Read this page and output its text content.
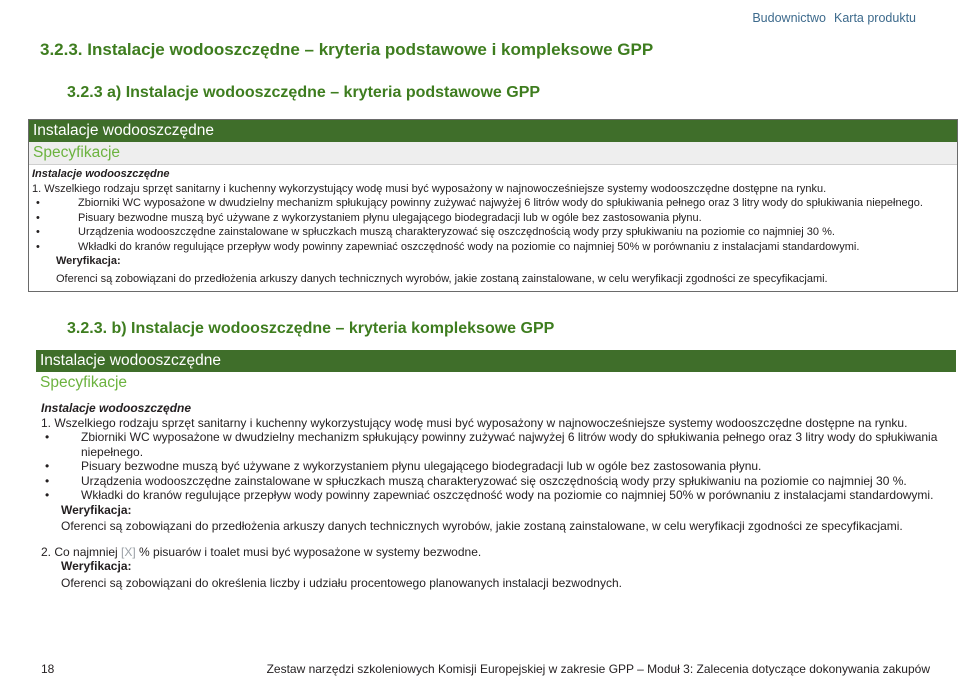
Budownictwo Karta produktu
3.2.3. Instalacje wodooszczędne – kryteria podstawowe i kompleksowe GPP
3.2.3 a) Instalacje wodooszczędne – kryteria podstawowe GPP
Instalacje wodooszczędne
Specyfikacje
Instalacje wodooszczędne
1. Wszelkiego rodzaju sprzęt sanitarny i kuchenny wykorzystujący wodę musi być wyposażony w najnowocześniejsze systemy wodooszczędne dostępne na rynku.
• Zbiorniki WC wyposażone w dwudzielny mechanizm spłukujący powinny zużywać najwyżej 6 litrów wody do spłukiwania pełnego oraz 3 litry wody do spłukiwania niepełnego.
• Pisuary bezwodne muszą być używane z wykorzystaniem płynu ulegającego biodegradacji lub w ogóle bez zastosowania płynu.
• Urządzenia wodooszczędne zainstalowane w spłuczkach muszą charakteryzować się oszczędnością wody przy spłukiwaniu na poziomie co najmniej 30 %.
• Wkładki do kranów regulujące przepływ wody powinny zapewniać oszczędność wody na poziomie co najmniej 50% w porównaniu z instalacjami standardowymi.
Weryfikacja:
Oferenci są zobowiązani do przedłożenia arkuszy danych technicznych wyrobów, jakie zostaną zainstalowane, w celu weryfikacji zgodności ze specyfikacjami.
3.2.3. b) Instalacje wodooszczędne – kryteria kompleksowe GPP
Instalacje wodooszczędne
Specyfikacje
Instalacje wodooszczędne
1. Wszelkiego rodzaju sprzęt sanitarny i kuchenny wykorzystujący wodę musi być wyposażony w najnowocześniejsze systemy wodooszczędne dostępne na rynku.
• Zbiorniki WC wyposażone w dwudzielny mechanizm spłukujący powinny zużywać najwyżej 6 litrów wody do spłukiwania pełnego oraz 3 litry wody do spłukiwania niepełnego.
• Pisuary bezwodne muszą być używane z wykorzystaniem płynu ulegającego biodegradacji lub w ogóle bez zastosowania płynu.
• Urządzenia wodooszczędne zainstalowane w spłuczkach muszą charakteryzować się oszczędnością wody przy spłukiwaniu na poziomie co najmniej 30 %.
• Wkładki do kranów regulujące przepływ wody powinny zapewniać oszczędność wody na poziomie co najmniej 50% w porównaniu z instalacjami standardowymi.
Weryfikacja:
Oferenci są zobowiązani do przedłożenia arkuszy danych technicznych wyrobów, jakie zostaną zainstalowane, w celu weryfikacji zgodności ze specyfikacjami.
2. Co najmniej [X] % pisuarów i toalet musi być wyposażone w systemy bezwodne.
Weryfikacja:
Oferenci są zobowiązani do określenia liczby i udziału procentowego planowanych instalacji bezwodnych.
18	Zestaw narzędzi szkoleniowych Komisji Europejskiej w zakresie GPP – Moduł 3: Zalecenia dotyczące dokonywania zakupów
